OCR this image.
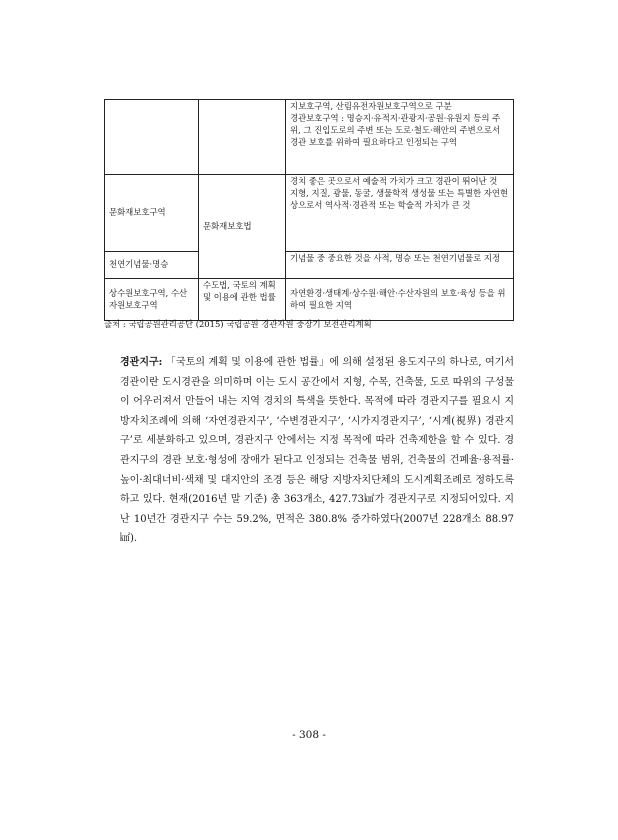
		지보호구역, 산림유전자원보호구역으로 구분
경관보호구역 : 명승지·유적지·관광지·공원·유원지 등의 주위, 그 진입도로의 주변 또는 도로·철도·해안의 주변으로서 경관 보호를 위하여 필요하다고 인정되는 구역

문화재보호구역	문화재보호법	경치 좋은 곳으로서 예술적 가치가 크고 경관이 뛰어난 것
지형, 지질, 광물, 동굴, 생물학적 생성물 또는 특별한 자연현상으로서 역사적·경관적 또는 학술적 가치가 큰 것

천연기념물·명승		기념물 중 중요한 것을 사적, 명승 또는 천연기념물로 지정

상수원보호구역, 수산자원보호구역	수도법, 국토의 계획 및 이용에 관한 법률	자연환경·생태계·상수원·해안·수산자원의 보호·육성 등을 위하여 필요한 지역
출처 : 국립공원관리공단 (2015) 국립공원 경관자원 중장기 보전관리계획
경관지구: 「국토의 계획 및 이용에 관한 법률」에 의해 설정된 용도지구의 하나로, 여기서 경관이란 도시경관을 의미하며 이는 도시 공간에서 지형, 수목, 건축물, 도로 따위의 구성물이 어우러져서 만들어 내는 지역 경치의 특색을 뜻한다. 목적에 따라 경관지구를 필요시 지방자치조례에 의해 ‘자연경관지구’, ‘수변경관지구’, ‘시가지경관지구’, ‘시계(視界) 경관지구’로 세분화하고 있으며, 경관지구 안에서는 지정 목적에 따라 건축제한을 할 수 있다. 경관지구의 경관 보호·형성에 장애가 된다고 인정되는 건축물 범위, 건축물의 건폐율·용적률·높이·최대너비·색채 및 대지안의 조경 등은 해당 지방자치단체의 도시계획조례로 정하도록 하고 있다. 현재(2016년 말 기준) 총 363개소, 427.73㎢가 경관지구로 지정되어있다. 지난 10년간 경관지구 수는 59.2%, 면적은 380.8% 증가하였다(2007년 228개소 88.97㎢).
- 308 -
